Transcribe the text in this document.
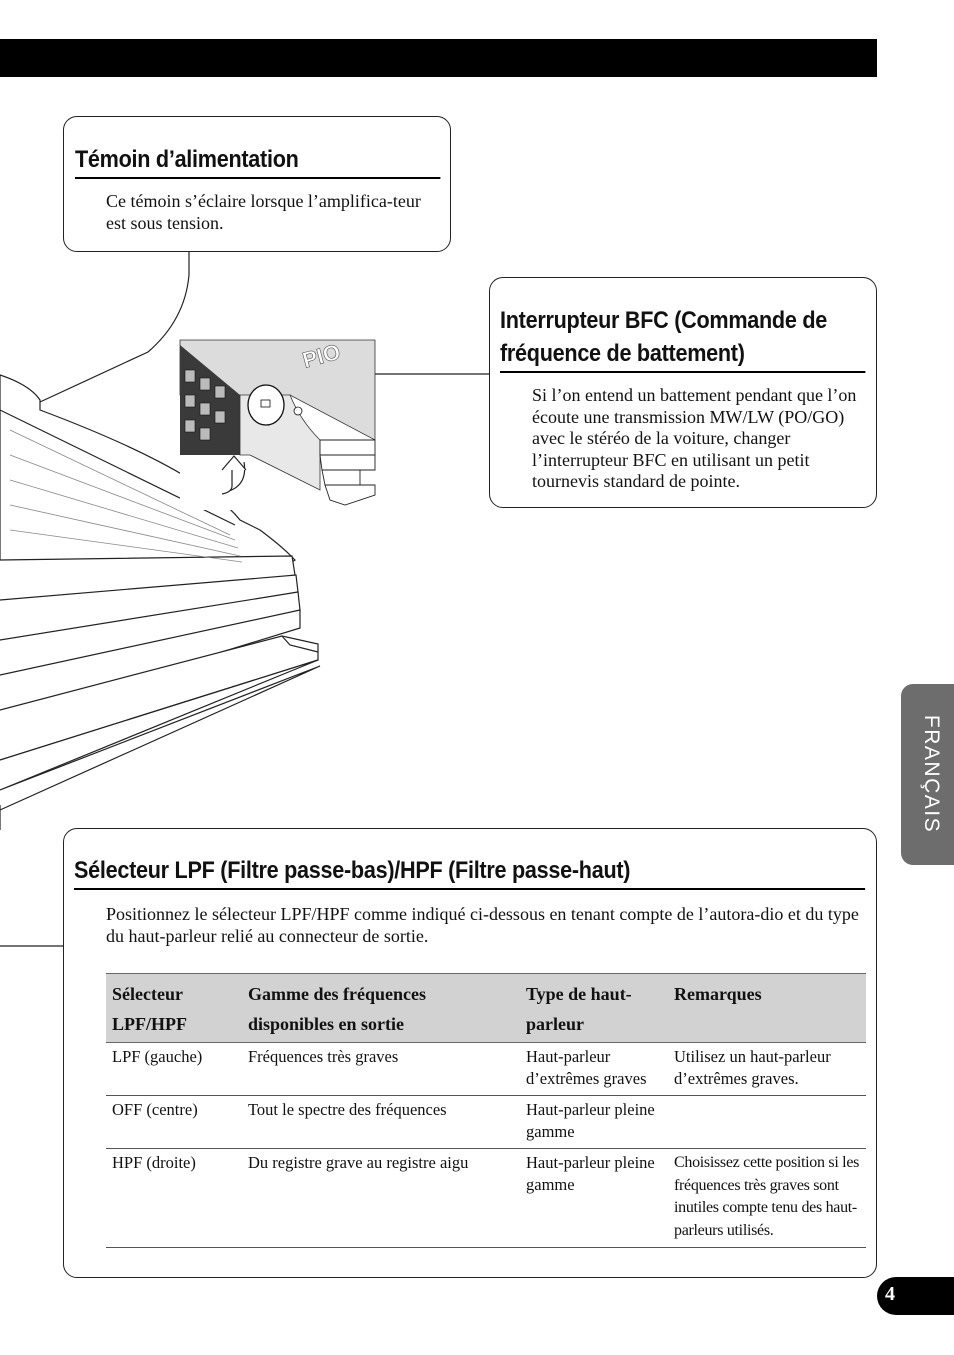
PIO
Témoin d’alimentation

Ce témoin s’éclaire lorsque l’amplifica-teur est sous tension.

Interrupteur BFC (Commande de
fréquence de battement)

Si l’on entend un battement pendant que l’on écoute une transmission MW/LW (PO/GO) avec le stéréo de la voiture, changer l’interrupteur BFC en utilisant un petit tournevis standard de pointe.

Sélecteur LPF (Filtre passe-bas)/HPF (Filtre passe-haut)

Positionnez le sélecteur LPF/HPF comme indiqué ci-dessous en tenant compte de l’autora-dio et du type du haut-parleur relié au connecteur de sortie.

Sélecteur LPF/HPF	Gamme des fréquences disponibles en sortie	Type de haut-parleur	Remarques
LPF (gauche)	Fréquences très graves	Haut-parleur d’extrêmes graves	Utilisez un haut-parleur d’extrêmes graves.
OFF (centre)	Tout le spectre des fréquences	Haut-parleur pleine gamme	
HPF (droite)	Du registre grave au registre aigu	Haut-parleur pleine gamme	Choisissez cette position si les fréquences très graves sont inutiles compte tenu des haut-parleurs utilisés.
FRANÇAIS
4
